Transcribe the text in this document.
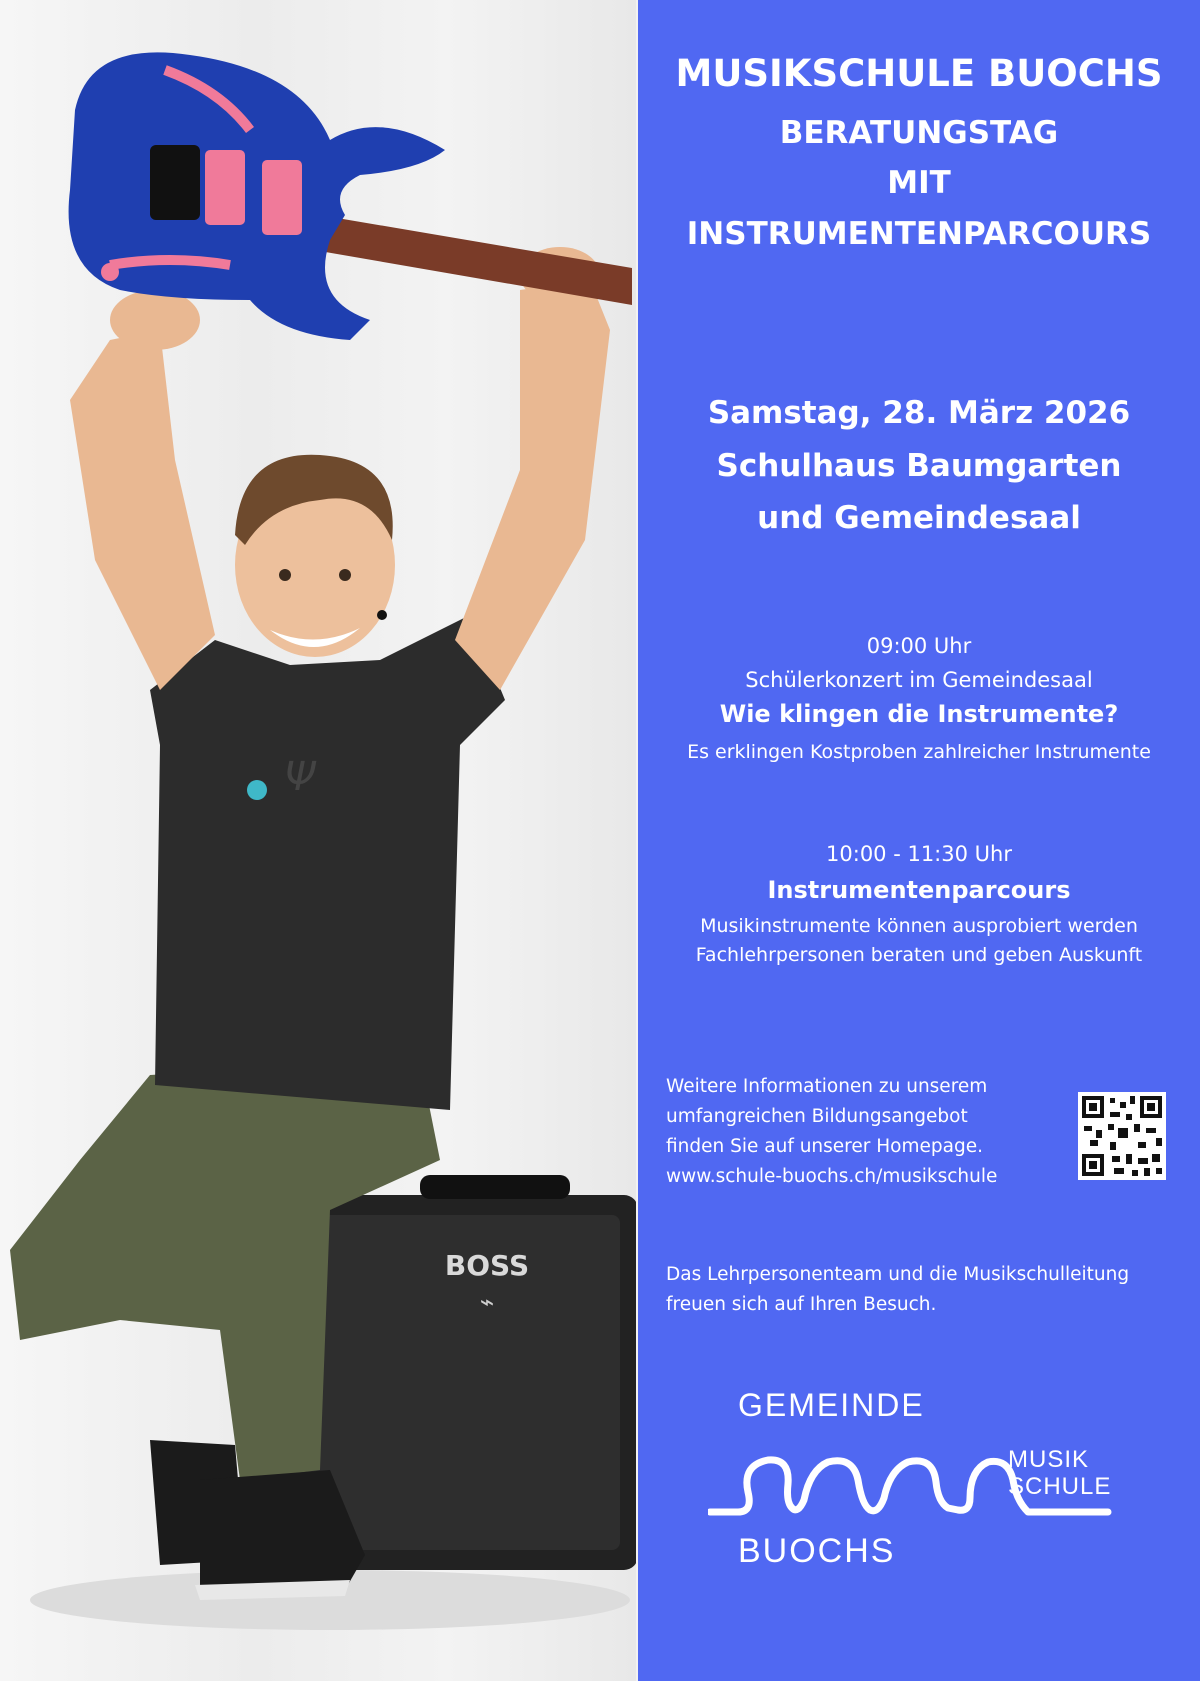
BOSS
⌁
Ψ

MUSIKSCHULE BUOCHS

BERATUNGSTAG

MIT

INSTRUMENTENPARCOURS

Samstag, 28. März 2026

Schulhaus Baumgarten

und Gemeindesaal

09:00 Uhr

Schülerkonzert im Gemeindesaal

Wie klingen die Instrumente?

Es erklingen Kostproben zahlreicher Instrumente

10:00 - 11:30 Uhr

Instrumentenparcours

Musikinstrumente können ausprobiert werden

Fachlehrpersonen beraten und geben Auskunft

Weitere Informationen zu unserem
umfangreichen Bildungsangebot
finden Sie auf unserer Homepage.
www.schule-buochs.ch/musikschule
Das Lehrpersonenteam und die Musikschulleitung
freuen sich auf Ihren Besuch.
GEMEINDE
MUSIK
SCHULE
BUOCHS
